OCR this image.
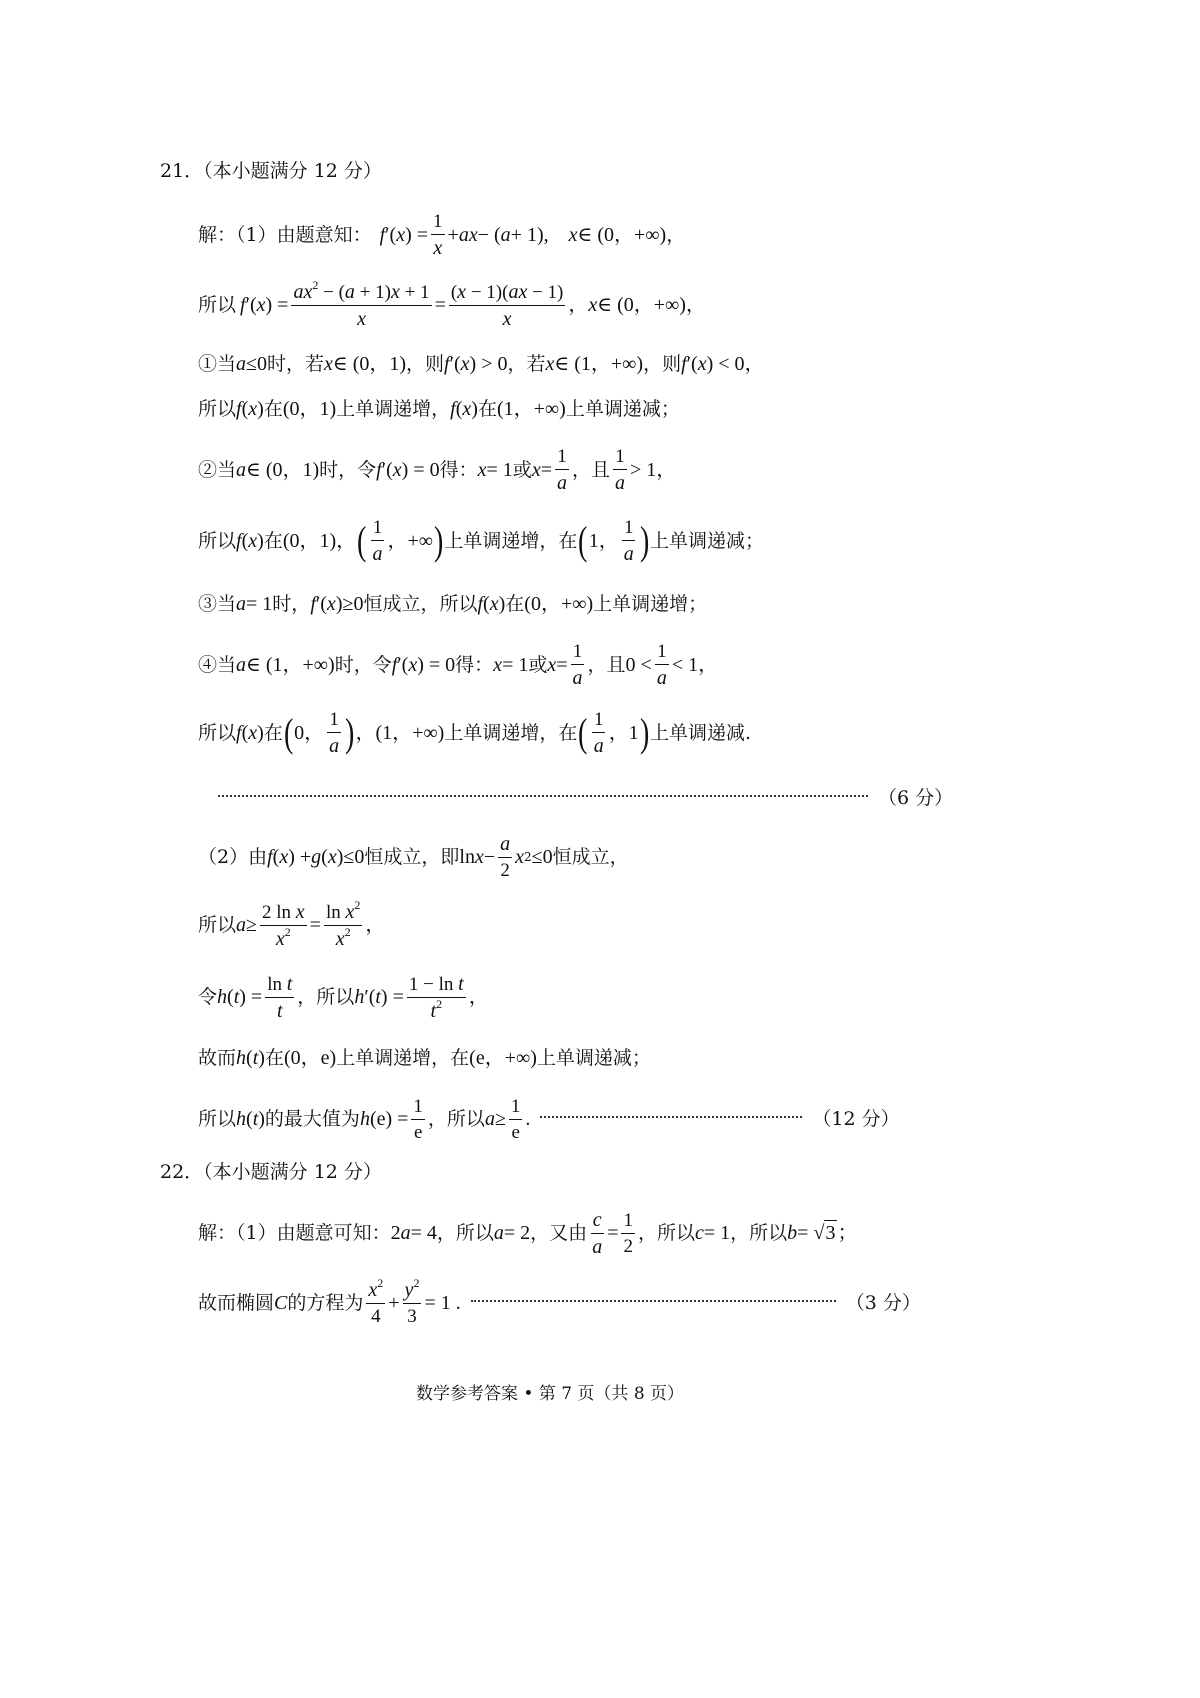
21．（本小题满分 12 分）
解：（1）由题意知： f ′( x ) = $\frac{1}{x}$ + ax − ( a + 1), x ∈ (0，+∞) ，
所以 f ′( x ) = $\frac{ax^2 - (a + 1)x + 1}{x} = \frac{(x - 1)(ax - 1)}{x}$ ， x ∈ (0，+∞)，
①当 a ≤0 时，若 x ∈ (0，1) ，则 f ′( x ) > 0 ，若 x ∈ (1，+∞) ，则 f ′( x ) < 0，
所以 f ( x ) 在 (0，1) 上单调递增， f ( x ) 在 (1，+∞) 上单调递减；
②当 a ∈ (0，1) 时，令 f ′( x ) = 0 得： x = 1 或 $x = \frac{1}{a}$ ，且 $\frac{1}{a} > 1$，
所以 f ( x ) 在 (0，1)， ( $\frac{1}{a}$ ，+∞ ) 上单调递增，在 ( 1， $\frac{1}{a}$ ) 上单调递减；
③当 a = 1 时， f ′( x )≥0 恒成立，所以 f ( x ) 在 (0，+∞) 上单调递增；
④当 a ∈ (1，+∞) 时，令 f ′( x ) = 0 得： x = 1 或 $x = \frac{1}{a}$ ，且 $0 < \frac{1}{a} < 1$，
所以 f ( x ) 在 ( 0， $\frac{1}{a}$ ) ，(1，+∞) 上单调递增，在 ( $\frac{1}{a}$ ，1 ) 上单调递减.
（6 分）
（2）由 f ( x ) + g ( x )≤0 恒成立，即 $\ln x - \frac{a}{2}$ x 2 ≤0 恒成立，
所以 $a \ge \frac{\text{2 ln x}}{x^2} = \frac{\ln x^2}{x^2}$ ，
令 h ( t ) = $\frac{\text{ln t}}{t}$ ，所以 h ′( t ) = $\frac{\text{1 − ln t}}{t^2}$ ，
故而 h ( t ) 在 (0，e) 上单调递增，在 (e，+∞) 上单调递减；
所以 h ( t ) 的最大值为 h $(e) = \frac{1}{e}$ ，所以 $a \ge \frac{1}{e}$ .	（12 分）
22．（本小题满分 12 分）
解：（1）由题意可知： 2 a = 4 ，所以 a = 2 ，又由 $\frac{c}{a} = \frac{1}{2}$ ，所以 c = 1 ，所以 b = √3 ；
故而椭圆 C 的方程为 $\frac{x^2}{4} + \frac{y^2}{3} = 1$ .	（3 分）
数学参考答案 • 第 7 页（共 8 页）
